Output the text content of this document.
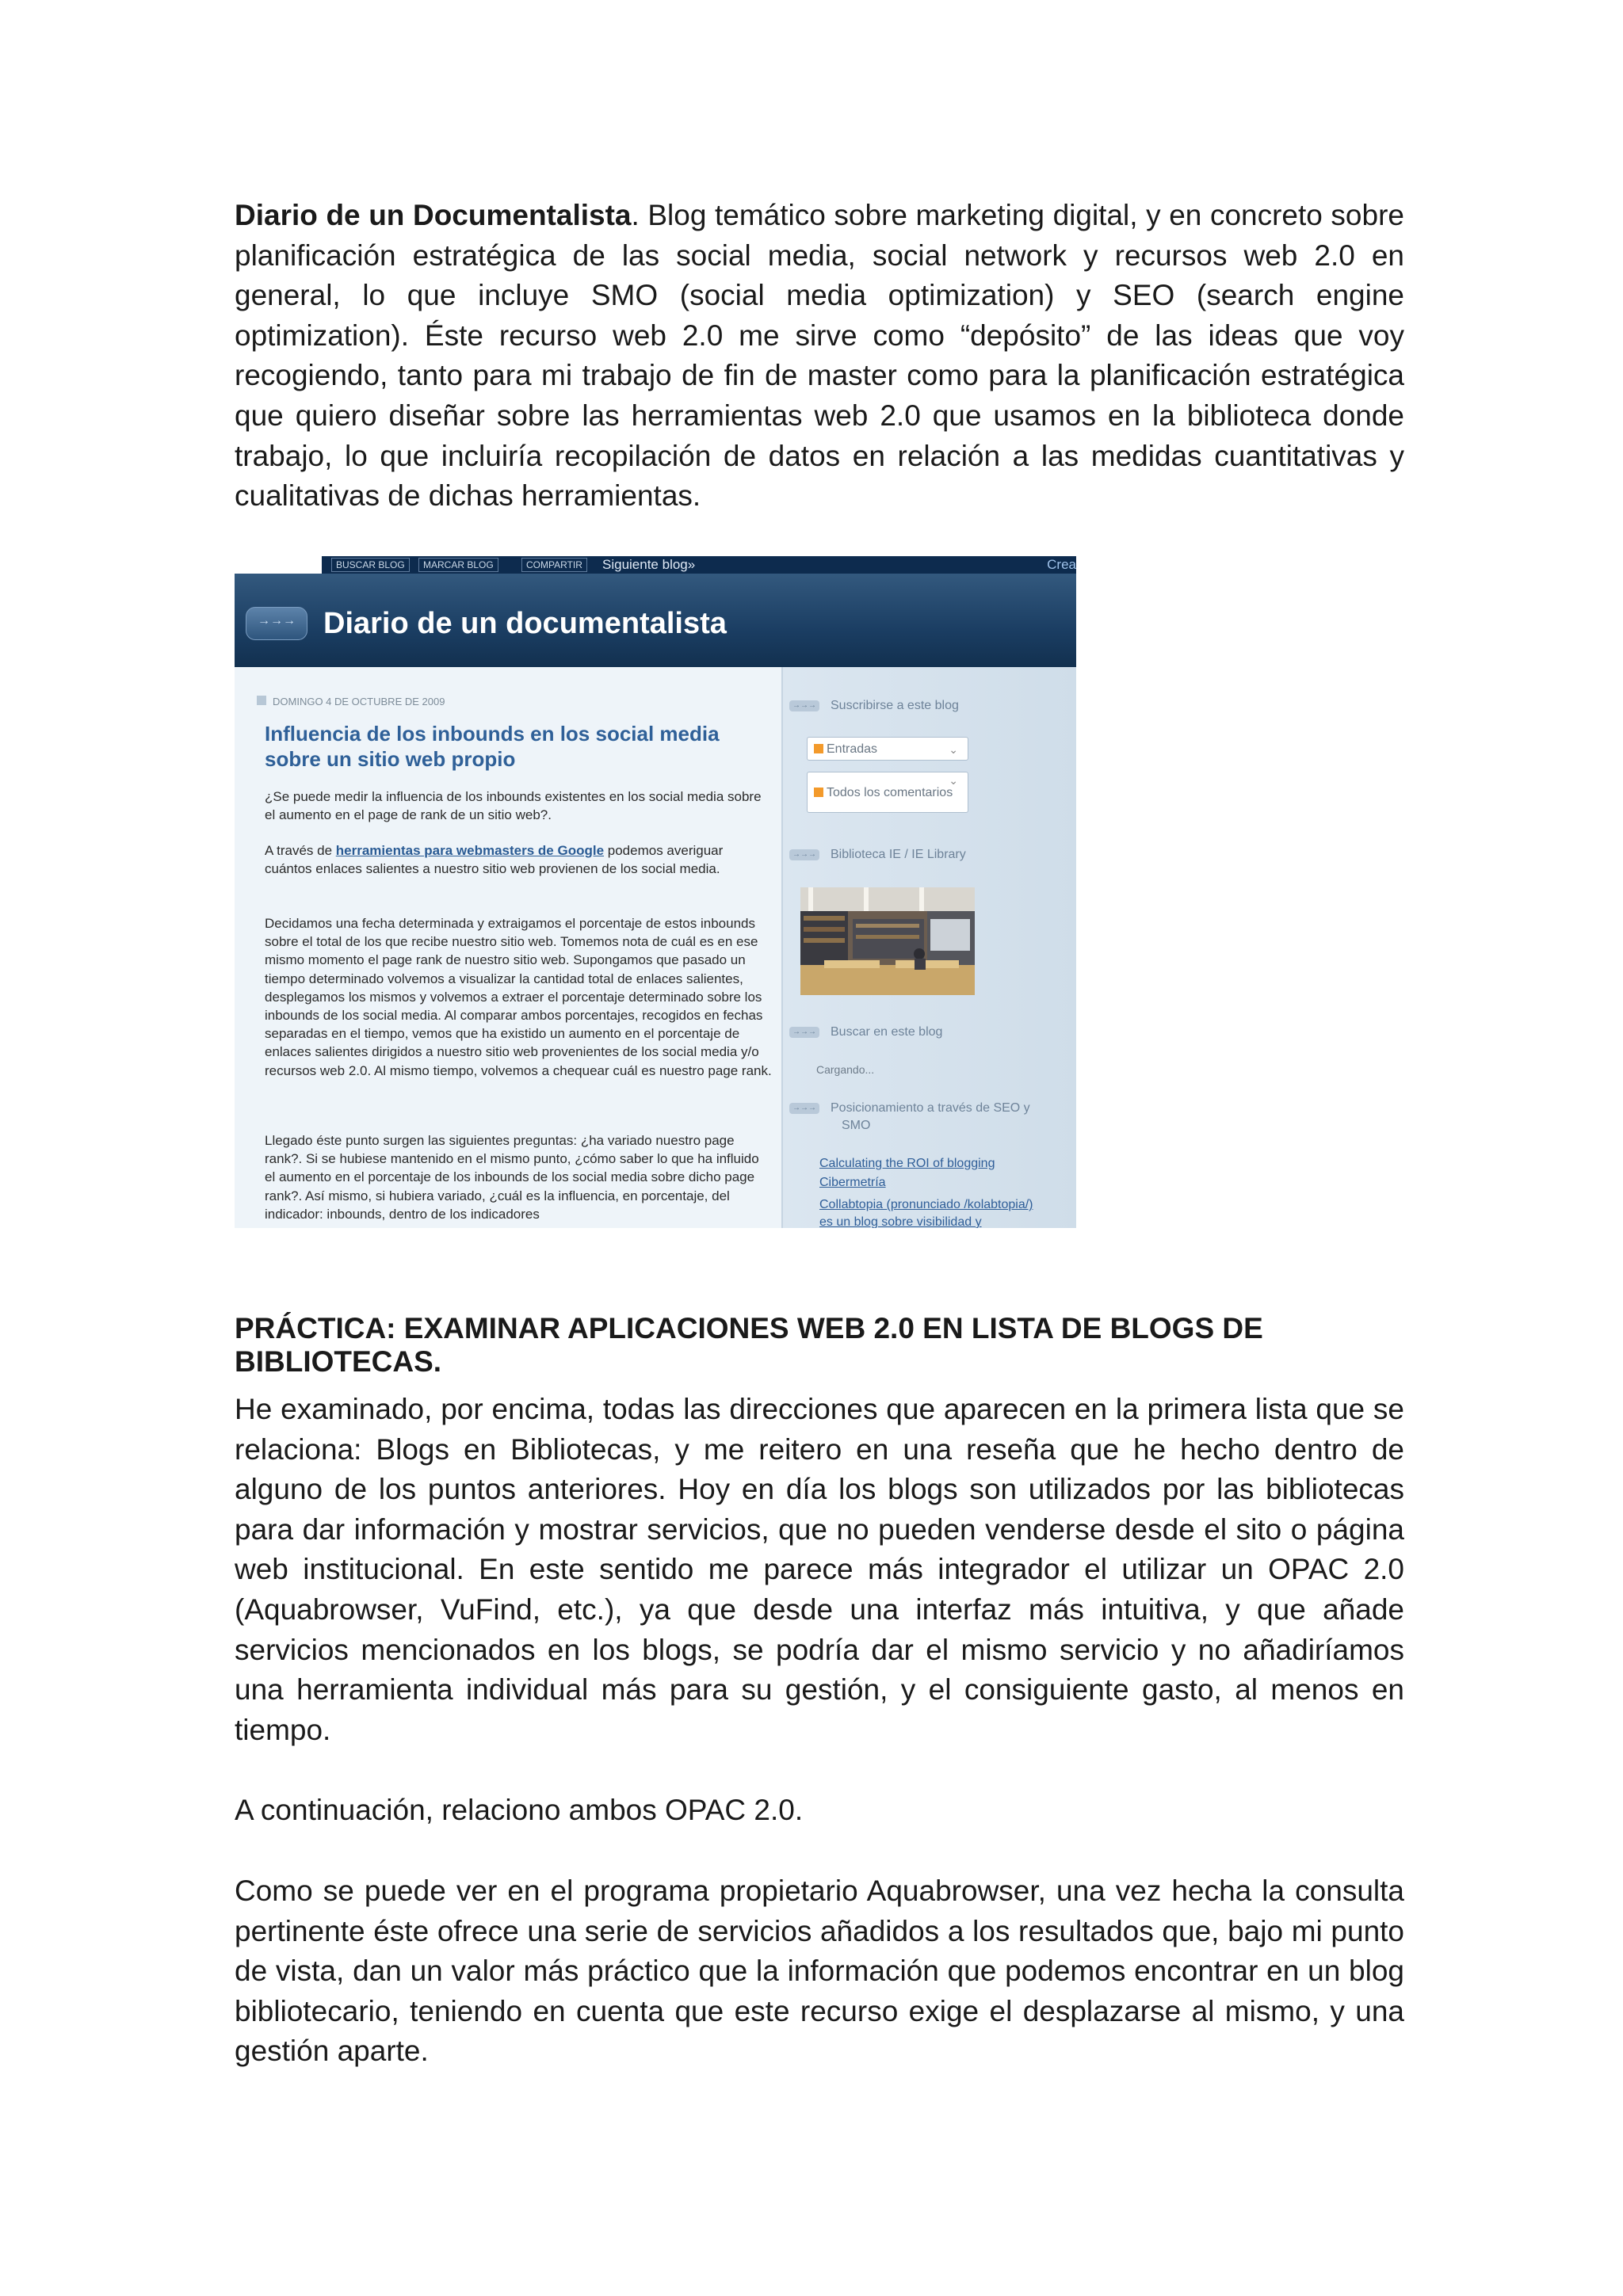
Diario de un Documentalista. Blog temático sobre marketing digital, y en concreto sobre planificación estratégica de las social media, social network y recursos web 2.0 en general, lo que incluye SMO (social media optimization) y SEO (search engine optimization). Éste recurso web 2.0 me sirve como “depósito” de las ideas que voy recogiendo, tanto para mi trabajo de fin de master como para la planificación estratégica que quiero diseñar sobre las herramientas web 2.0 que usamos en la biblioteca donde trabajo, lo que incluiría recopilación de datos en relación a las medidas cuantitativas y cualitativas de dichas herramientas.

BUSCAR BLOG	MARCAR BLOG	COMPARTIR	Siguiente blog»	Crea
→→→ Diario de un documentalista
DOMINGO 4 DE OCTUBRE DE 2009
Influencia de los inbounds en los social media sobre un sitio web propio

¿Se puede medir la influencia de los inbounds existentes en los social media sobre el aumento en el page de rank de un sitio web?.

A través de herramientas para webmasters de Google podemos averiguar cuántos enlaces salientes a nuestro sitio web provienen de los social media.

Decidamos una fecha determinada y extraigamos el porcentaje de estos inbounds sobre el total de los que recibe nuestro sitio web. Tomemos nota de cuál es en ese mismo momento el page rank de nuestro sitio web. Supongamos que pasado un tiempo determinado volvemos a visualizar la cantidad total de enlaces salientes, desplegamos los mismos y volvemos a extraer el porcentaje determinado sobre los inbounds de los social media. Al comparar ambos porcentajes, recogidos en fechas separadas en el tiempo, vemos que ha existido un aumento en el porcentaje de enlaces salientes dirigidos a nuestro sitio web provenientes de los social media y/o recursos web 2.0. Al mismo tiempo, volvemos a chequear cuál es nuestro page rank.

Llegado éste punto surgen las siguientes preguntas: ¿ha variado nuestro page rank?. Si se hubiese mantenido en el mismo punto, ¿cómo saber lo que ha influido el aumento en el porcentaje de los inbounds de los social media sobre dicho page rank?. Así mismo, si hubiera variado, ¿cuál es la influencia, en porcentaje, del indicador: inbounds, dentro de los indicadores

→→→ Suscribirse a este blog
Entradas	⌄
Todos los comentarios
⌄
→→→ Biblioteca IE / IE Library
→→→ Buscar en este blog
Cargando...
→→→ Posicionamiento a través de SEO y
SMO
Calculating the ROI of blogging
Cibermetría
Collabtopia (pronunciado /kolabtopia/)
es un blog sobre visibilidad y
PRÁCTICA: EXAMINAR APLICACIONES WEB 2.0 EN LISTA DE BLOGS DE BIBLIOTECAS.

He examinado, por encima, todas las direcciones que aparecen en la primera lista que se relaciona: Blogs en Bibliotecas, y me reitero en una reseña que he hecho dentro de alguno de los puntos anteriores. Hoy en día los blogs son utilizados por las bibliotecas para dar información y mostrar servicios, que no pueden venderse desde el sito o página web institucional. En este sentido me parece más integrador el utilizar un OPAC 2.0 (Aquabrowser, VuFind, etc.), ya que desde una interfaz más intuitiva, y que añade servicios mencionados en los blogs, se podría dar el mismo servicio y no añadiríamos una herramienta individual más para su gestión, y el consiguiente gasto, al menos en tiempo.

A continuación, relaciono ambos OPAC 2.0.

Como se puede ver en el programa propietario Aquabrowser, una vez hecha la consulta pertinente éste ofrece una serie de servicios añadidos a los resultados que, bajo mi punto de vista, dan un valor más práctico que la información que podemos encontrar en un blog bibliotecario, teniendo en cuenta que este recurso exige el desplazarse al mismo, y una gestión aparte.
